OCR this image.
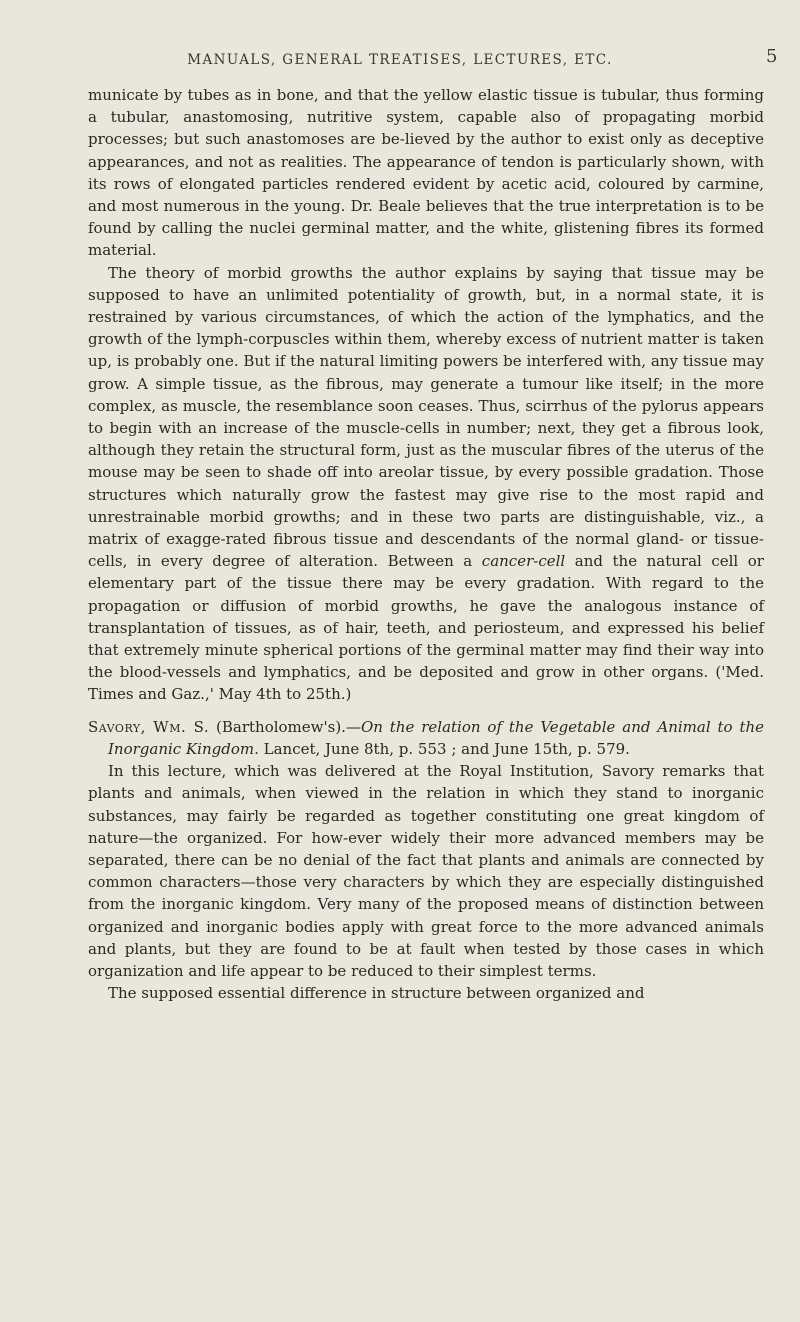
MANUALS, GENERAL TREATISES, LECTURES, ETC.	5

municate by tubes as in bone, and that the yellow elastic tissue is tubular, thus forming a tubular, anastomosing, nutritive system, capable also of propagating morbid processes; but such anastomoses are be-lieved by the author to exist only as deceptive appearances, and not as realities. The appearance of tendon is particularly shown, with its rows of elongated particles rendered evident by acetic acid, coloured by carmine, and most numerous in the young. Dr. Beale believes that the true interpretation is to be found by calling the nuclei germinal matter, and the white, glistening fibres its formed material.

The theory of morbid growths the author explains by saying that tissue may be supposed to have an unlimited potentiality of growth, but, in a normal state, it is restrained by various circumstances, of which the action of the lymphatics, and the growth of the lymph-corpuscles within them, whereby excess of nutrient matter is taken up, is probably one. But if the natural limiting powers be interfered with, any tissue may grow. A simple tissue, as the fibrous, may generate a tumour like itself; in the more complex, as muscle, the resemblance soon ceases. Thus, scirrhus of the pylorus appears to begin with an increase of the muscle-cells in number; next, they get a fibrous look, although they retain the structural form, just as the muscular fibres of the uterus of the mouse may be seen to shade off into areolar tissue, by every possible gradation. Those structures which naturally grow the fastest may give rise to the most rapid and unrestrainable morbid growths; and in these two parts are distinguishable, viz., a matrix of exagge-rated fibrous tissue and descendants of the normal gland- or tissue-cells, in every degree of alteration. Between a cancer-cell and the natural cell or elementary part of the tissue there may be every gradation. With regard to the propagation or diffusion of morbid growths, he gave the analogous instance of transplantation of tissues, as of hair, teeth, and periosteum, and expressed his belief that extremely minute spherical portions of the germinal matter may find their way into the blood-vessels and lymphatics, and be deposited and grow in other organs. ('Med. Times and Gaz.,' May 4th to 25th.)

Savory, Wm. S. (Bartholomew's).—On the relation of the Vegetable and Animal to the Inorganic Kingdom. Lancet, June 8th, p. 553 ; and June 15th, p. 579.

In this lecture, which was delivered at the Royal Institution, Savory remarks that plants and animals, when viewed in the relation in which they stand to inorganic substances, may fairly be regarded as together constituting one great kingdom of nature—the organized. For how-ever widely their more advanced members may be separated, there can be no denial of the fact that plants and animals are connected by common characters—those very characters by which they are especially distinguished from the inorganic kingdom. Very many of the proposed means of distinction between organized and inorganic bodies apply with great force to the more advanced animals and plants, but they are found to be at fault when tested by those cases in which organization and life appear to be reduced to their simplest terms.

The supposed essential difference in structure between organized and
